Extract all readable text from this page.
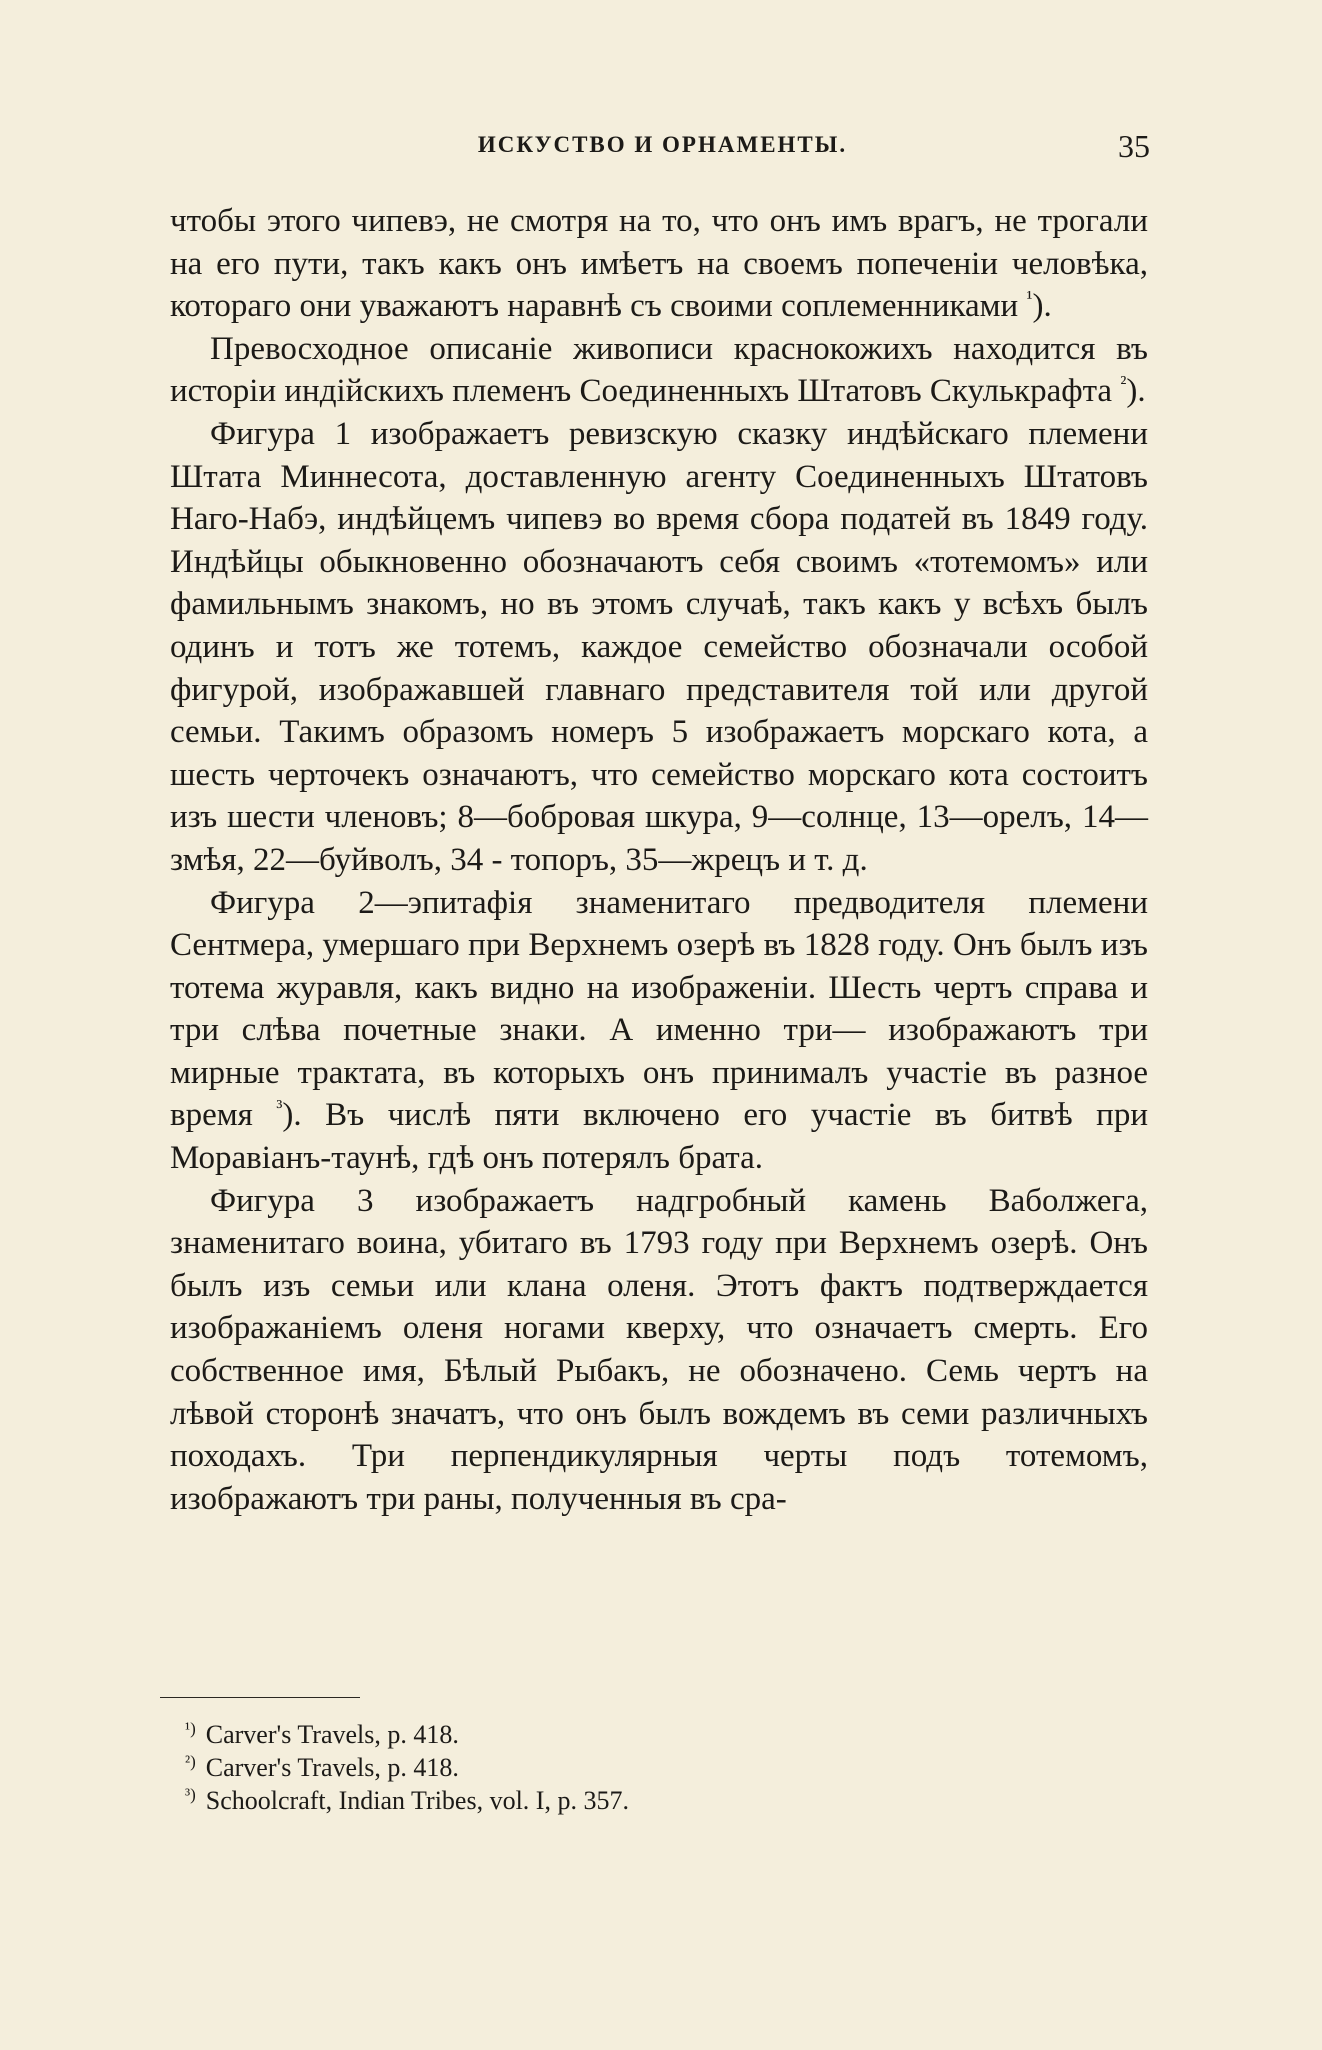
ИСКУСТВО И ОРНАМЕНТЫ.	35

чтобы этого чипевэ, не смотря на то, что онъ имъ врагъ, не трогали на его пути, такъ какъ онъ имѣетъ на своемъ попеченіи человѣка, котораго они уважаютъ наравнѣ съ своими соплеменниками $^{^1}$).

Превосходное описаніе живописи краснокожихъ находится въ исторіи индійскихъ племенъ Соединенныхъ Штатовъ Скулькрафта $^{^2}$).

Фигура 1 изображаетъ ревизскую сказку индѣйскаго племени Штата Миннесота, доставленную агенту Соединенныхъ Штатовъ Наго-Набэ, индѣйцемъ чипевэ во время сбора податей въ 1849 году. Индѣйцы обыкновенно обозначаютъ себя своимъ «тотемомъ» или фамильнымъ знакомъ, но въ этомъ случаѣ, такъ какъ у всѣхъ былъ одинъ и тотъ же тотемъ, каждое семейство обозначали особой фигурой, изображавшей главнаго представителя той или другой семьи. Такимъ образомъ номеръ 5 изображаетъ морскаго кота, а шесть черточекъ означаютъ, что семейство морскаго кота состоитъ изъ шести членовъ; 8—бобровая шкура, 9—солнце, 13—орелъ, 14—змѣя, 22—буйволъ, 34 - топоръ, 35—жрецъ и т. д.

Фигура 2—эпитафія знаменитаго предводителя племени Сентмера, умершаго при Верхнемъ озерѣ въ 1828 году. Онъ былъ изъ тотема журавля, какъ видно на изображеніи. Шесть чертъ справа и три слѣва почетные знаки. А именно три— изображаютъ три мирные трактата, въ которыхъ онъ принималъ участіе въ разное время $^{^3}$). Въ числѣ пяти включено его участіе въ битвѣ при Моравіанъ-таунѣ, гдѣ онъ потерялъ брата.

Фигура 3 изображаетъ надгробный камень Ваболжега, знаменитаго воина, убитаго въ 1793 году при Верхнемъ озерѣ. Онъ былъ изъ семьи или клана оленя. Этотъ фактъ подтверждается изображаніемъ оленя ногами кверху, что означаетъ смерть. Его собственное имя, Бѣлый Рыбакъ, не обозначено. Семь чертъ на лѣвой сторонѣ значатъ, что онъ былъ вождемъ въ семи различныхъ походахъ. Три перпендикулярныя черты подъ тотемомъ, изображаютъ три раны, полученныя въ сра-

¹) Carver's Travels, p. 418.
²) Carver's Travels, p. 418.
³) Schoolcraft, Indian Tribes, vol. I, p. 357.
